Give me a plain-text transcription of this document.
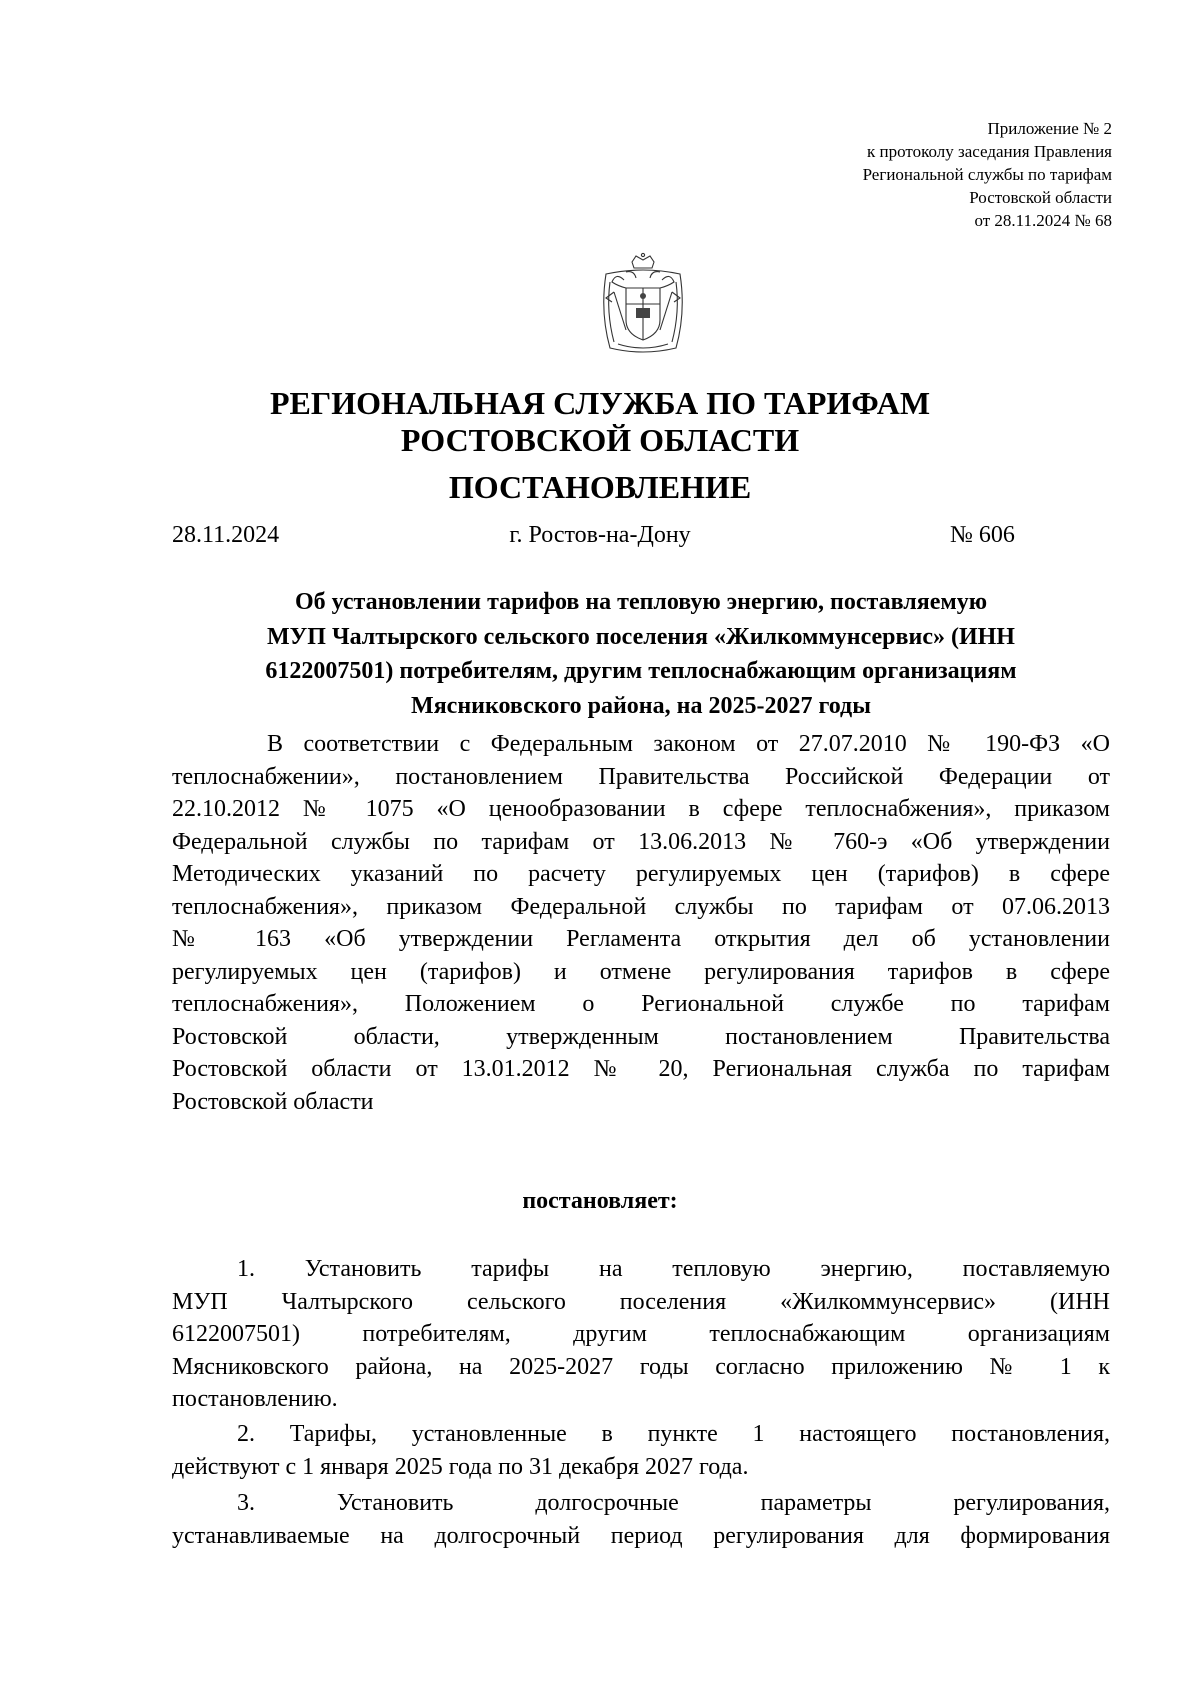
Приложение № 2
к протоколу заседания Правления
Региональной службы по тарифам
Ростовской области
от 28.11.2024 № 68
РЕГИОНАЛЬНАЯ СЛУЖБА ПО ТАРИФАМ
РОСТОВСКОЙ ОБЛАСТИ
ПОСТАНОВЛЕНИЕ
28.11.2024	г. Ростов-на-Дону	№ 606
Об установлении тарифов на тепловую энергию, поставляемую
МУП Чалтырского сельского поселения «Жилкоммунсервис» (ИНН
6122007501) потребителям, другим теплоснабжающим организациям
Мясниковского района, на 2025-2027 годы
В соответствии с Федеральным законом от 27.07.2010 № 190-ФЗ «О
теплоснабжении», постановлением Правительства Российской Федерации от
22.10.2012 № 1075 «О ценообразовании в сфере теплоснабжения», приказом
Федеральной службы по тарифам от 13.06.2013 № 760-э «Об утверждении
Методических указаний по расчету регулируемых цен (тарифов) в сфере
теплоснабжения», приказом Федеральной службы по тарифам от 07.06.2013
№ 163 «Об утверждении Регламента открытия дел об установлении
регулируемых цен (тарифов) и отмене регулирования тарифов в сфере
теплоснабжения», Положением о Региональной службе по тарифам
Ростовской области, утвержденным постановлением Правительства
Ростовской области от 13.01.2012 № 20, Региональная служба по тарифам
Ростовской области
постановляет:
1. Установить тарифы на тепловую энергию, поставляемую
МУП Чалтырского сельского поселения «Жилкоммунсервис» (ИНН
6122007501) потребителям, другим теплоснабжающим организациям
Мясниковского района, на 2025-2027 годы согласно приложению № 1 к
постановлению.
2. Тарифы, установленные в пункте 1 настоящего постановления,
действуют с 1 января 2025 года по 31 декабря 2027 года.
3. Установить долгосрочные параметры регулирования,
устанавливаемые на долгосрочный период регулирования для формирования
